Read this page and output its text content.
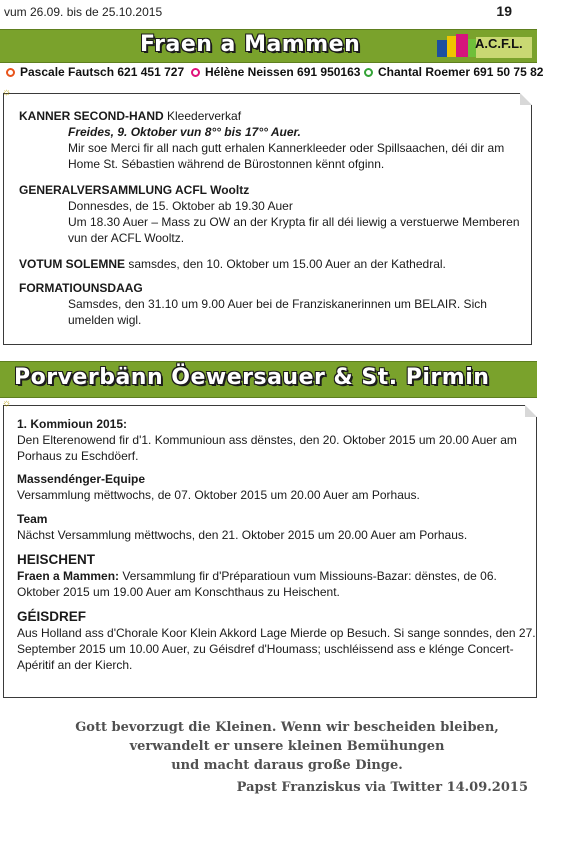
vum 26.09. bis de 25.10.2015	19
Fraen a Mammen	A.C.F.L.
Pascale Fautsch 621 451 727	Hélène Neissen 691 950163	Chantal Roemer 691 50 75 82
☼
KANNER SECOND-HAND Kleederverkaf
Freides, 9. Oktober vun 8°° bis 17°° Auer.
Mir soe Merci fir all nach gutt erhalen Kannerkleeder oder Spillsaachen, déi dir am
Home St. Sébastien während de Bürostonnen kënnt ofginn.
GENERALVERSAMMLUNG ACFL Wooltz
Donnesdes, de 15. Oktober ab 19.30 Auer
Um 18.30 Auer – Mass zu OW an der Krypta fir all déi liewig a verstuerwe Memberen
vun der ACFL Wooltz.
VOTUM SOLEMNE samsdes, den 10. Oktober um 15.00 Auer an der Kathedral.
FORMATIOUNSDAAG
Samsdes, den 31.10 um 9.00 Auer bei de Franziskanerinnen um BELAIR. Sich
umelden wigl.
Porverbänn Öewersauer & St. Pirmin
☼
1. Kommioun 2015:
Den Elterenowend fir d'1. Kommunioun ass dënstes, den 20. Oktober 2015 um 20.00 Auer am
Porhaus zu Eschdöerf.
Massendénger-Equipe
Versammlung mëttwochs, de 07. Oktober 2015 um 20.00 Auer am Porhaus.
Team
Nächst Versammlung mëttwochs, den 21. Oktober 2015 um 20.00 Auer am Porhaus.
HEISCHENT
Fraen a Mammen: Versammlung fir d'Préparatioun vum Missiouns-Bazar: dënstes, de 06.
Oktober 2015 um 19.00 Auer am Konschthaus zu Heischent.
GÉISDREF
Aus Holland ass d'Chorale Koor Klein Akkord Lage Mierde op Besuch. Si sange sonndes, den 27.
September 2015 um 10.00 Auer, zu Géisdref d'Houmass; uschléissend ass e klénge Concert-
Apéritif an der Kierch.
Gott bevorzugt die Kleinen. Wenn wir bescheiden bleiben,
verwandelt er unsere kleinen Bemühungen
und macht daraus große Dinge.
Papst Franziskus via Twitter 14.09.2015
